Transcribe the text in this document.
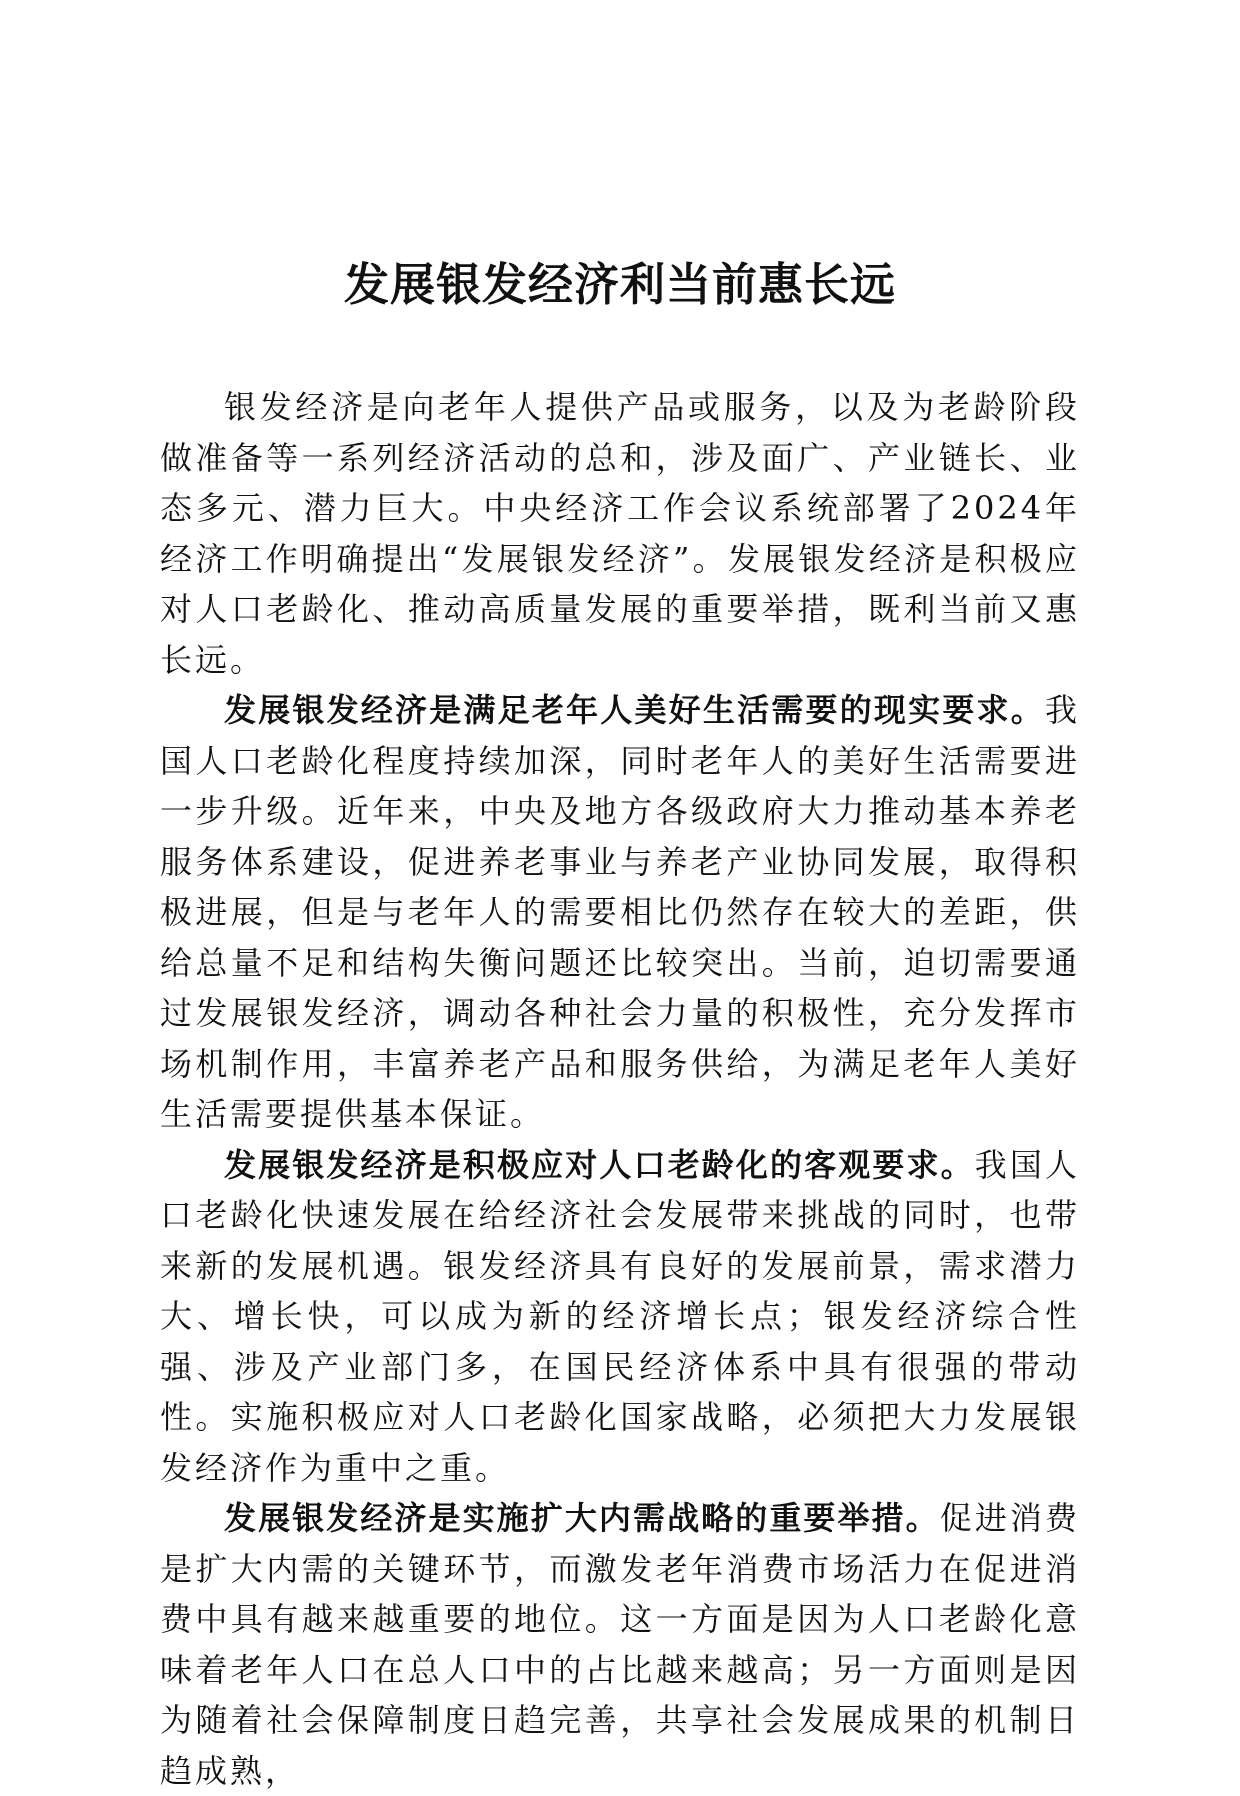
发展银发经济利当前惠长远

银发经济是向老年人提供产品或服务，以及为老龄阶段做准备等一系列经济活动的总和，涉及面广、产业链长、业态多元、潜力巨大。中央经济工作会议系统部署了2024年经济工作明确提出“发展银发经济”。发展银发经济是积极应对人口老龄化、推动高质量发展的重要举措，既利当前又惠长远。

发展银发经济是满足老年人美好生活需要的现实要求。我国人口老龄化程度持续加深，同时老年人的美好生活需要进一步升级。近年来，中央及地方各级政府大力推动基本养老服务体系建设，促进养老事业与养老产业协同发展，取得积极进展，但是与老年人的需要相比仍然存在较大的差距，供给总量不足和结构失衡问题还比较突出。当前，迫切需要通过发展银发经济，调动各种社会力量的积极性，充分发挥市场机制作用，丰富养老产品和服务供给，为满足老年人美好生活需要提供基本保证。

发展银发经济是积极应对人口老龄化的客观要求。我国人口老龄化快速发展在给经济社会发展带来挑战的同时，也带来新的发展机遇。银发经济具有良好的发展前景，需求潜力大、增长快，可以成为新的经济增长点；银发经济综合性强、涉及产业部门多，在国民经济体系中具有很强的带动性。实施积极应对人口老龄化国家战略，必须把大力发展银发经济作为重中之重。

发展银发经济是实施扩大内需战略的重要举措。促进消费是扩大内需的关键环节，而激发老年消费市场活力在促进消费中具有越来越重要的地位。这一方面是因为人口老龄化意味着老年人口在总人口中的占比越来越高；另一方面则是因为随着社会保障制度日趋完善，共享社会发展成果的机制日趋成熟，
